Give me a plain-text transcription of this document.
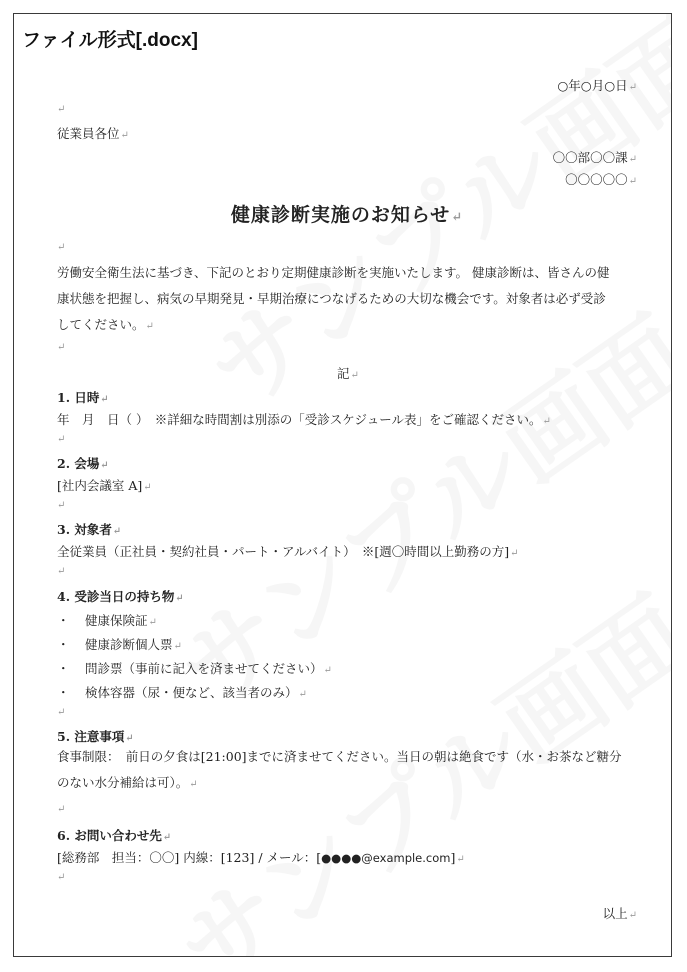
ファイル形式[.docx]
○年○月○日↵
↵
従業員各位↵
〇〇部〇〇課↵
〇〇〇〇〇↵
健康診断実施のお知らせ↵
↵
労働安全衛生法に基づき、下記のとおり定期健康診断を実施いたします。 健康診断は、皆さんの健康状態を把握し、病気の早期発見・早期治療につなげるための大切な機会です。対象者は必ず受診してください。↵
↵
記↵
1. 日時↵
年　月　日（ ）　※詳細な時間割は別添の「受診スケジュール表」をご確認ください。↵
↵
2. 会場↵
[社内会議室 A]↵
↵
3. 対象者↵
全従業員（正社員・契約社員・パート・アルバイト）　※[週〇時間以上勤務の方]↵
↵
4. 受診当日の持ち物↵
・ 健康保険証↵
・ 健康診断個人票↵
・ 問診票（事前に記入を済ませてください）↵
・ 検体容器（尿・便など、該当者のみ）↵
↵
5. 注意事項↵
食事制限：　前日の夕食は[21:00]までに済ませてください。当日の朝は絶食です（水・お茶など糖分のない水分補給は可）。↵
↵
6. お問い合わせ先↵
[総務部　担当：〇〇] 内線：[123] / メール：[●●●●@example.com]↵
↵
以上↵
